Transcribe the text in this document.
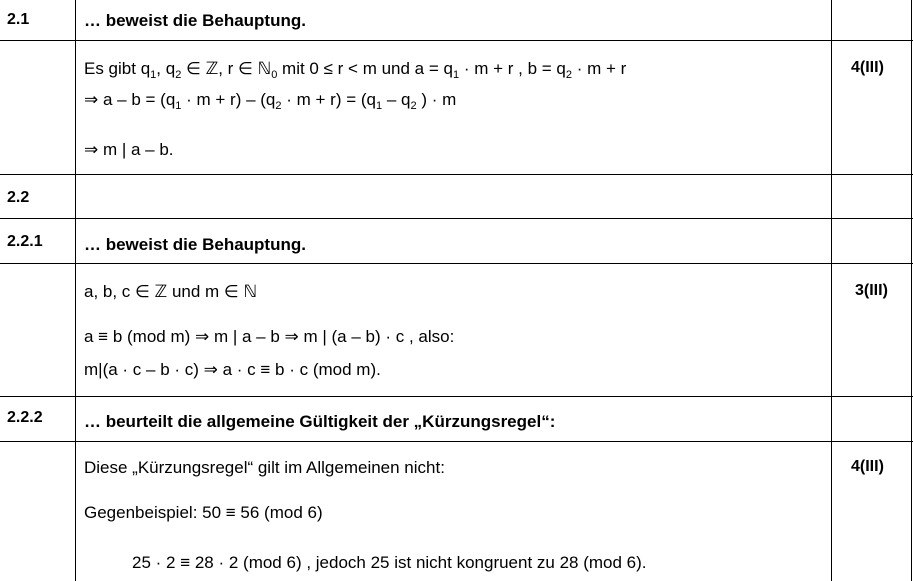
2.1	… beweist die Behauptung.
Es gibt $q_1$, $q_2$ ∈ ℤ, r ∈ ℕ$_0$ mit 0 ≤ r < m und $a = q_1 \cdot m + r$ , $b = q_2 \cdot m + r$
⇒ $a - b = (q_1 \cdot m + r) - (q_2 \cdot m + r) = (q_1 - q_2$ ) · m
⇒ m | a – b.
4(III)
2.2
2.2.1 … beweist die Behauptung.
a, b, c ∈ ℤ und m ∈ ℕ
a ≡ b (mod m) ⇒ m | a – b ⇒ m | (a – b) · c , also:
m|(a · c – b · c) ⇒ a · c ≡ b · c (mod m).
3(III)
2.2.2 … beurteilt die allgemeine Gültigkeit der „Kürzungsregel“:
Diese „Kürzungsregel“ gilt im Allgemeinen nicht:
Gegenbeispiel: 50 ≡ 56 (mod 6)
25 · 2 ≡ 28 · 2 (mod 6) , jedoch 25 ist nicht kongruent zu 28 (mod 6).
4(III)
